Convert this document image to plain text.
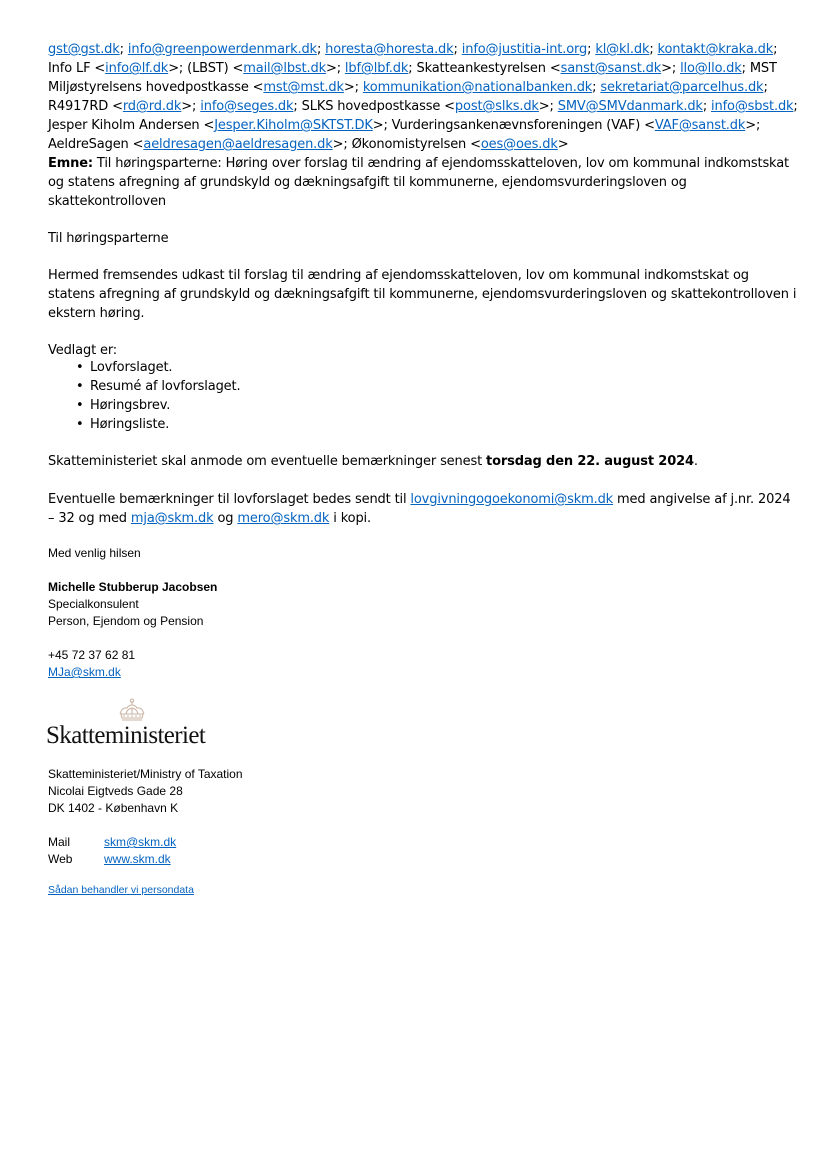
gst@gst.dk; info@greenpowerdenmark.dk; horesta@horesta.dk; info@justitia-int.org; kl@kl.dk; kontakt@kraka.dk;
Info LF <info@lf.dk>; (LBST) <mail@lbst.dk>; lbf@lbf.dk; Skatteankestyrelsen <sanst@sanst.dk>; llo@llo.dk; MST
Miljøstyrelsens hovedpostkasse <mst@mst.dk>; kommunikation@nationalbanken.dk; sekretariat@parcelhus.dk;
R4917RD <rd@rd.dk>; info@seges.dk; SLKS hovedpostkasse <post@slks.dk>; SMV@SMVdanmark.dk; info@sbst.dk;
Jesper Kiholm Andersen <Jesper.Kiholm@SKTST.DK>; Vurderingsankenævnsforeningen (VAF) <VAF@sanst.dk>;
AeldreSagen <aeldresagen@aeldresagen.dk>; Økonomistyrelsen <oes@oes.dk>
Emne: Til høringsparterne: Høring over forslag til ændring af ejendomsskatteloven, lov om kommunal indkomstskat
og statens afregning af grundskyld og dækningsafgift til kommunerne, ejendomsvurderingsloven og
skattekontrolloven
Til høringsparterne
Hermed fremsendes udkast til forslag til ændring af ejendomsskatteloven, lov om kommunal indkomstskat og
statens afregning af grundskyld og dækningsafgift til kommunerne, ejendomsvurderingsloven og skattekontrolloven i
ekstern høring.
Vedlagt er:
• Lovforslaget.
• Resumé af lovforslaget.
• Høringsbrev.
• Høringsliste.
Skatteministeriet skal anmode om eventuelle bemærkninger senest torsdag den 22. august 2024.
Eventuelle bemærkninger til lovforslaget bedes sendt til lovgivningogoekonomi@skm.dk med angivelse af j.nr. 2024
– 32 og med mja@skm.dk og mero@skm.dk i kopi.
Med venlig hilsen
Michelle Stubberup Jacobsen
Specialkonsulent
Person, Ejendom og Pension
+45 72 37 62 81
MJa@skm.dk
Skatteministeriet
Skatteministeriet/Ministry of Taxation
Nicolai Eigtveds Gade 28
DK 1402 - København K
Mail	skm@skm.dk
Web	www.skm.dk
Sådan behandler vi persondata
